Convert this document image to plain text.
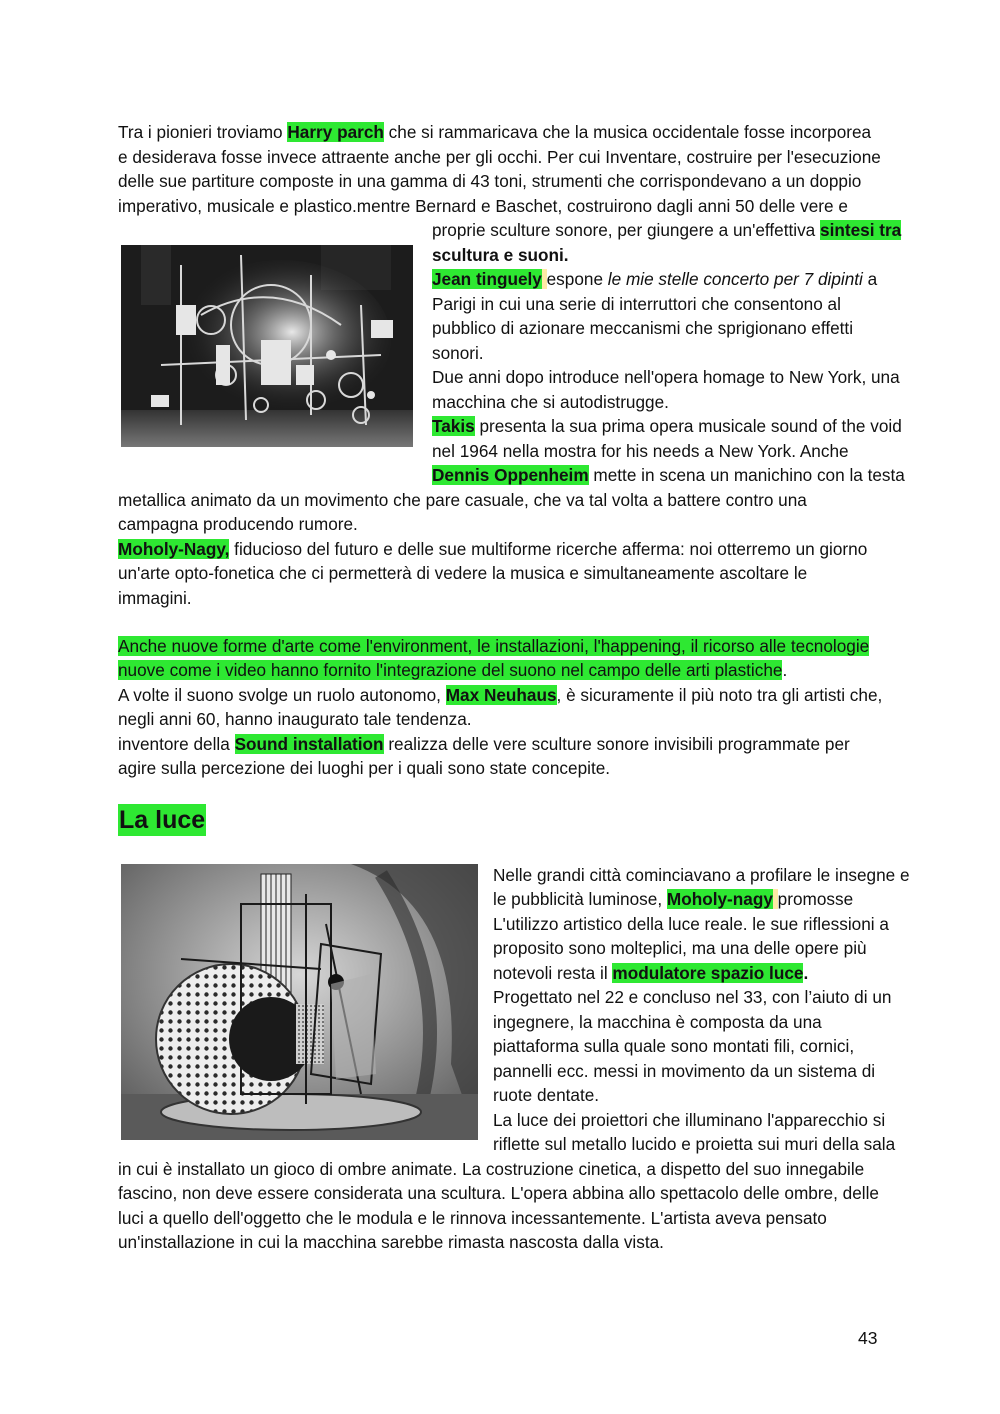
Tra i pionieri troviamo Harry parch che si rammaricava che la musica occidentale fosse incorporea
e desiderava fosse invece attraente anche per gli occhi. Per cui Inventare, costruire per l'esecuzione
delle sue partiture composte in una gamma di 43 toni, strumenti che corrispondevano a un doppio
imperativo, musicale e plastico.mentre Bernard e Baschet, costruirono dagli anni 50 delle vere e
proprie sculture sonore, per giungere a un'effettiva sintesi tra
scultura e suoni.
Jean tinguely espone le mie stelle concerto per 7 dipinti a
Parigi in cui una serie di interruttori che consentono al
pubblico di azionare meccanismi che sprigionano effetti
sonori.
Due anni dopo introduce nell'opera homage to New York, una
macchina che si autodistrugge.
Takis presenta la sua prima opera musicale sound of the void
nel 1964 nella mostra for his needs a New York. Anche
Dennis Oppenheim mette in scena un manichino con la testa
metallica animato da un movimento che pare casuale, che va tal volta a battere contro una
campagna producendo rumore.
Moholy-Nagy, fiducioso del futuro e delle sue multiforme ricerche afferma: noi otterremo un giorno
un'arte opto-fonetica che ci permetterà di vedere la musica e simultaneamente ascoltare le
immagini.
Anche nuove forme d'arte come l'environment, le installazioni, l'happening, il ricorso alle tecnologie
nuove come i video hanno fornito l'integrazione del suono nel campo delle arti plastiche.
A volte il suono svolge un ruolo autonomo, Max Neuhaus, è sicuramente il più noto tra gli artisti che,
negli anni 60, hanno inaugurato tale tendenza.
inventore della Sound installation realizza delle vere sculture sonore invisibili programmate per
agire sulla percezione dei luoghi per i quali sono state concepite.
La luce
Nelle grandi città cominciavano a profilare le insegne e
le pubblicità luminose, Moholy-nagy promosse
L'utilizzo artistico della luce reale. le sue riflessioni a
proposito sono molteplici, ma una delle opere più
notevoli resta il modulatore spazio luce.
Progettato nel 22 e concluso nel 33, con l’aiuto di un
ingegnere, la macchina è composta da una
piattaforma sulla quale sono montati fili, cornici,
pannelli ecc. messi in movimento da un sistema di
ruote dentate.
La luce dei proiettori che illuminano l'apparecchio si
riflette sul metallo lucido e proietta sui muri della sala
in cui è installato un gioco di ombre animate. La costruzione cinetica, a dispetto del suo innegabile
fascino, non deve essere considerata una scultura. L'opera abbina allo spettacolo delle ombre, delle
luci a quello dell'oggetto che le modula e le rinnova incessantemente. L'artista aveva pensato
un'installazione in cui la macchina sarebbe rimasta nascosta dalla vista.
43
